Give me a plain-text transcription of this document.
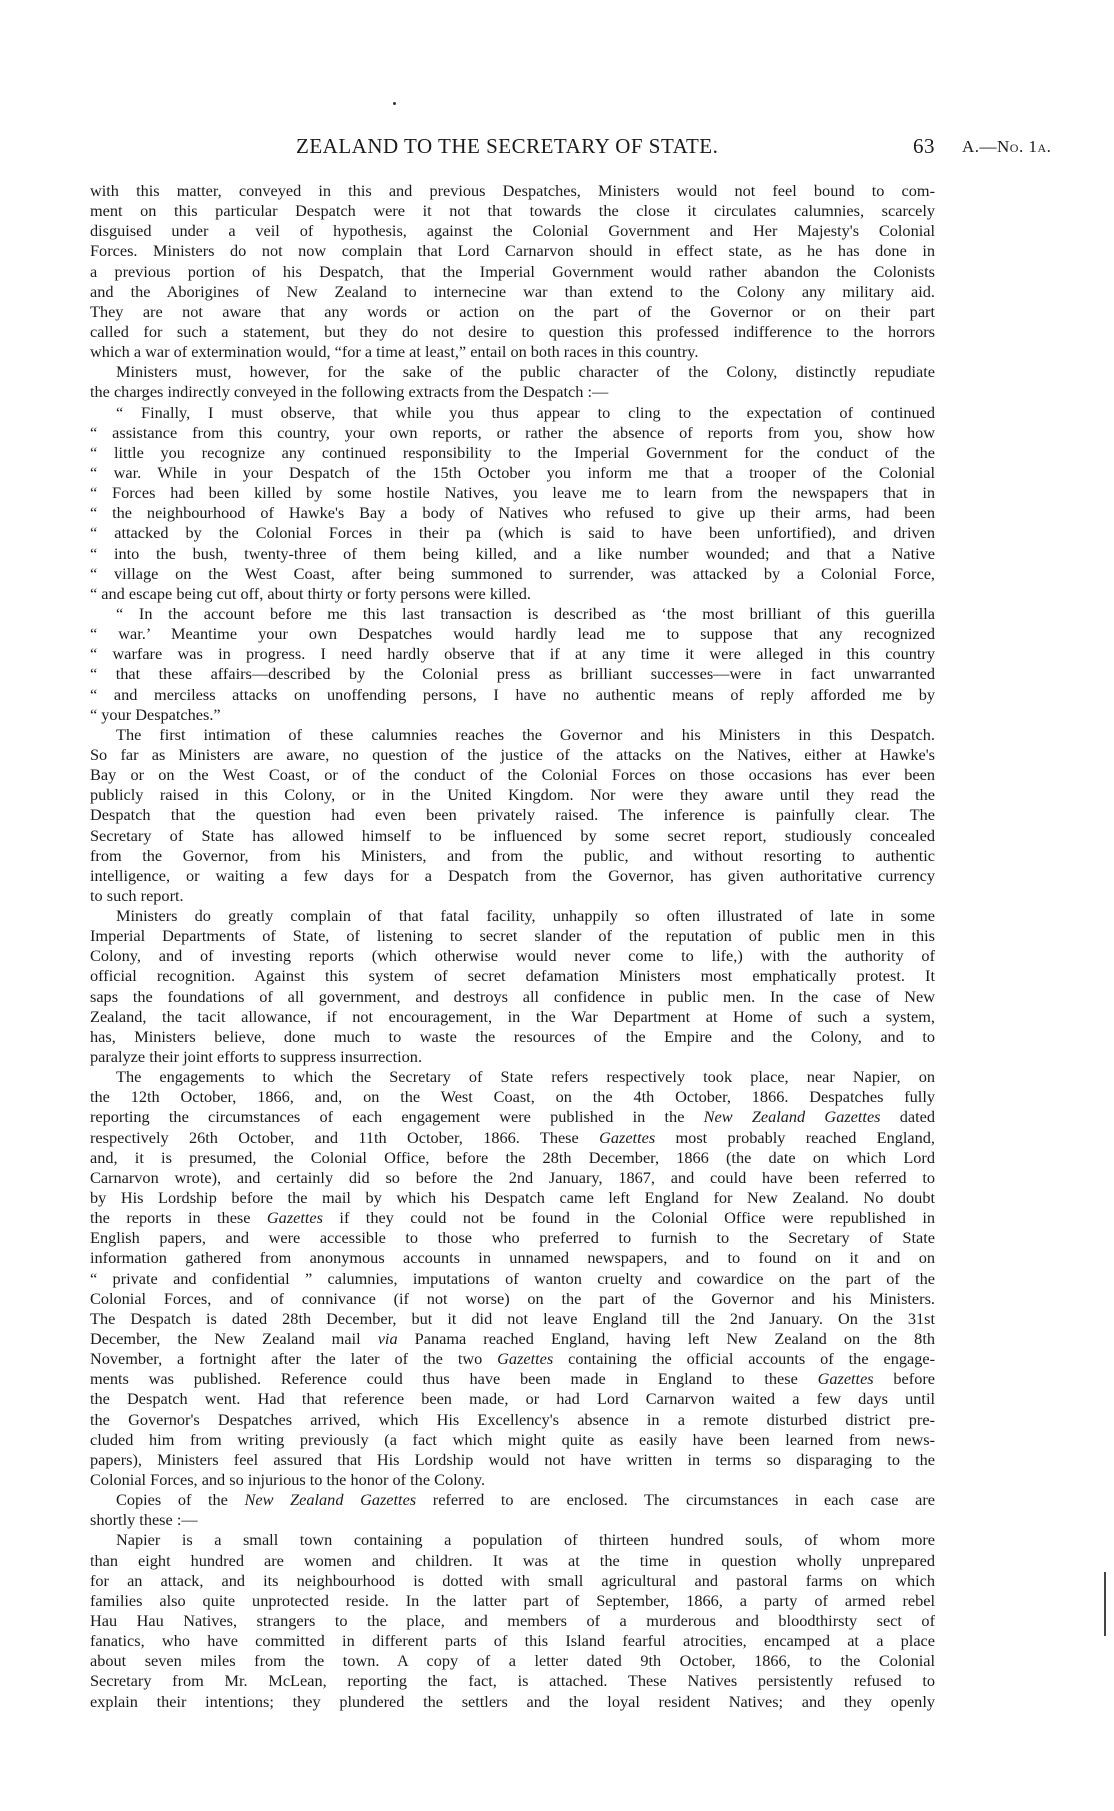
ZEALAND TO THE SECRETARY OF STATE.	63 A.—No. 1a.
with this matter, conveyed in this and previous Despatches, Ministers would not feel bound to com-
ment on this particular Despatch were it not that towards the close it circulates calumnies, scarcely
disguised under a veil of hypothesis, against the Colonial Government and Her Majesty's Colonial
Forces. Ministers do not now complain that Lord Carnarvon should in effect state, as he has done in
a previous portion of his Despatch, that the Imperial Government would rather abandon the Colonists
and the Aborigines of New Zealand to internecine war than extend to the Colony any military aid.
They are not aware that any words or action on the part of the Governor or on their part
called for such a statement, but they do not desire to question this professed indifference to the horrors
which a war of extermination would, “for a time at least,” entail on both races in this country.
Ministers must, however, for the sake of the public character of the Colony, distinctly repudiate
the charges indirectly conveyed in the following extracts from the Despatch :—
“ Finally, I must observe, that while you thus appear to cling to the expectation of continued
“ assistance from this country, your own reports, or rather the absence of reports from you, show how
“ little you recognize any continued responsibility to the Imperial Government for the conduct of the
“ war. While in your Despatch of the 15th October you inform me that a trooper of the Colonial
“ Forces had been killed by some hostile Natives, you leave me to learn from the newspapers that in
“ the neighbourhood of Hawke's Bay a body of Natives who refused to give up their arms, had been
“ attacked by the Colonial Forces in their pa (which is said to have been unfortified), and driven
“ into the bush, twenty-three of them being killed, and a like number wounded; and that a Native
“ village on the West Coast, after being summoned to surrender, was attacked by a Colonial Force,
“ and escape being cut off, about thirty or forty persons were killed.
“ In the account before me this last transaction is described as ‘the most brilliant of this guerilla
“ war.’ Meantime your own Despatches would hardly lead me to suppose that any recognized
“ warfare was in progress. I need hardly observe that if at any time it were alleged in this country
“ that these affairs—described by the Colonial press as brilliant successes—were in fact unwarranted
“ and merciless attacks on unoffending persons, I have no authentic means of reply afforded me by
“ your Despatches.”
The first intimation of these calumnies reaches the Governor and his Ministers in this Despatch.
So far as Ministers are aware, no question of the justice of the attacks on the Natives, either at Hawke's
Bay or on the West Coast, or of the conduct of the Colonial Forces on those occasions has ever been
publicly raised in this Colony, or in the United Kingdom. Nor were they aware until they read the
Despatch that the question had even been privately raised. The inference is painfully clear. The
Secretary of State has allowed himself to be influenced by some secret report, studiously concealed
from the Governor, from his Ministers, and from the public, and without resorting to authentic
intelligence, or waiting a few days for a Despatch from the Governor, has given authoritative currency
to such report.
Ministers do greatly complain of that fatal facility, unhappily so often illustrated of late in some
Imperial Departments of State, of listening to secret slander of the reputation of public men in this
Colony, and of investing reports (which otherwise would never come to life,) with the authority of
official recognition. Against this system of secret defamation Ministers most emphatically protest. It
saps the foundations of all government, and destroys all confidence in public men. In the case of New
Zealand, the tacit allowance, if not encouragement, in the War Department at Home of such a system,
has, Ministers believe, done much to waste the resources of the Empire and the Colony, and to
paralyze their joint efforts to suppress insurrection.
The engagements to which the Secretary of State refers respectively took place, near Napier, on
the 12th October, 1866, and, on the West Coast, on the 4th October, 1866. Despatches fully
reporting the circumstances of each engagement were published in the New Zealand Gazettes dated
respectively 26th October, and 11th October, 1866. These Gazettes most probably reached England,
and, it is presumed, the Colonial Office, before the 28th December, 1866 (the date on which Lord
Carnarvon wrote), and certainly did so before the 2nd January, 1867, and could have been referred to
by His Lordship before the mail by which his Despatch came left England for New Zealand. No doubt
the reports in these Gazettes if they could not be found in the Colonial Office were republished in
English papers, and were accessible to those who preferred to furnish to the Secretary of State
information gathered from anonymous accounts in unnamed newspapers, and to found on it and on
“ private and confidential ” calumnies, imputations of wanton cruelty and cowardice on the part of the
Colonial Forces, and of connivance (if not worse) on the part of the Governor and his Ministers.
The Despatch is dated 28th December, but it did not leave England till the 2nd January. On the 31st
December, the New Zealand mail via Panama reached England, having left New Zealand on the 8th
November, a fortnight after the later of the two Gazettes containing the official accounts of the engage-
ments was published. Reference could thus have been made in England to these Gazettes before
the Despatch went. Had that reference been made, or had Lord Carnarvon waited a few days until
the Governor's Despatches arrived, which His Excellency's absence in a remote disturbed district pre-
cluded him from writing previously (a fact which might quite as easily have been learned from news-
papers), Ministers feel assured that His Lordship would not have written in terms so disparaging to the
Colonial Forces, and so injurious to the honor of the Colony.
Copies of the New Zealand Gazettes referred to are enclosed. The circumstances in each case are
shortly these :—
Napier is a small town containing a population of thirteen hundred souls, of whom more
than eight hundred are women and children. It was at the time in question wholly unprepared
for an attack, and its neighbourhood is dotted with small agricultural and pastoral farms on which
families also quite unprotected reside. In the latter part of September, 1866, a party of armed rebel
Hau Hau Natives, strangers to the place, and members of a murderous and bloodthirsty sect of
fanatics, who have committed in different parts of this Island fearful atrocities, encamped at a place
about seven miles from the town. A copy of a letter dated 9th October, 1866, to the Colonial
Secretary from Mr. McLean, reporting the fact, is attached. These Natives persistently refused to
explain their intentions; they plundered the settlers and the loyal resident Natives; and they openly
